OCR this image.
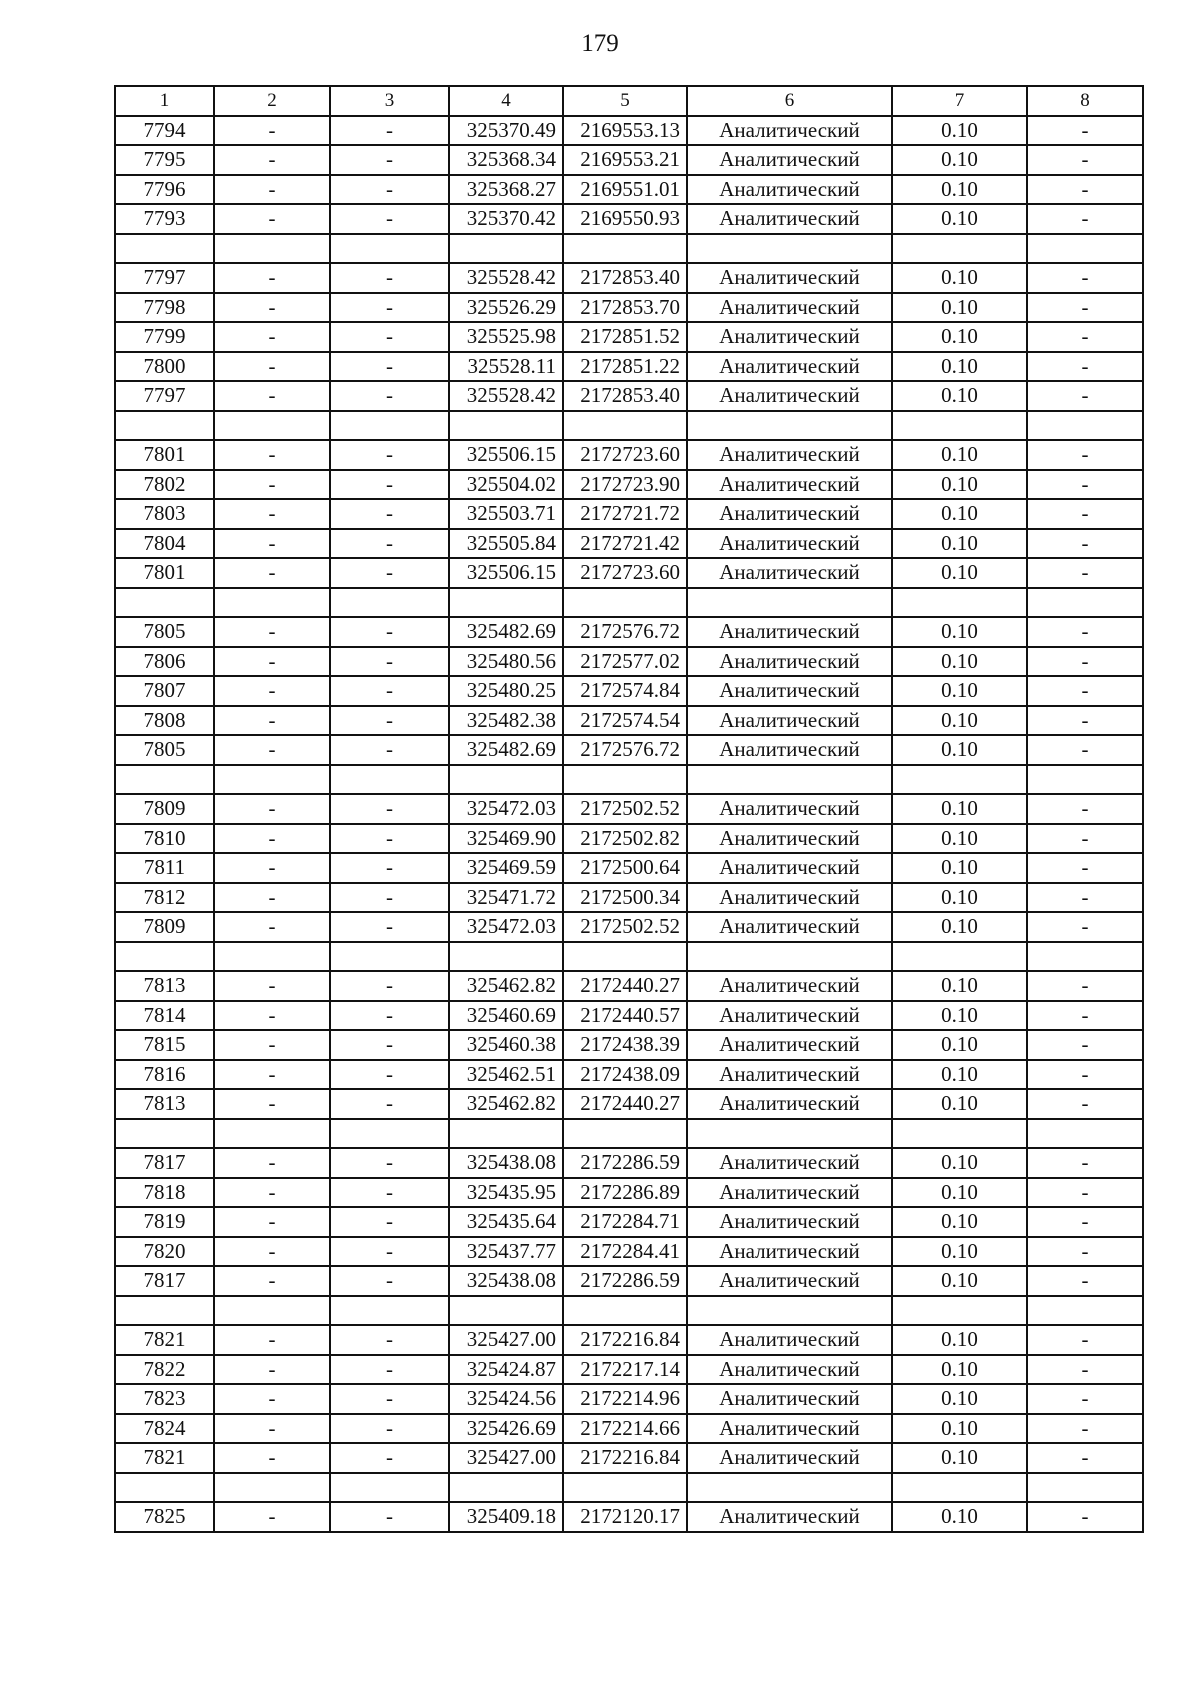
179
1	2	3	4	5	6	7	8
7794	-	-	325370.49	2169553.13	Аналитический	0.10	-
7795	-	-	325368.34	2169553.21	Аналитический	0.10	-
7796	-	-	325368.27	2169551.01	Аналитический	0.10	-
7793	-	-	325370.42	2169550.93	Аналитический	0.10	-

7797	-	-	325528.42	2172853.40	Аналитический	0.10	-
7798	-	-	325526.29	2172853.70	Аналитический	0.10	-
7799	-	-	325525.98	2172851.52	Аналитический	0.10	-
7800	-	-	325528.11	2172851.22	Аналитический	0.10	-
7797	-	-	325528.42	2172853.40	Аналитический	0.10	-

7801	-	-	325506.15	2172723.60	Аналитический	0.10	-
7802	-	-	325504.02	2172723.90	Аналитический	0.10	-
7803	-	-	325503.71	2172721.72	Аналитический	0.10	-
7804	-	-	325505.84	2172721.42	Аналитический	0.10	-
7801	-	-	325506.15	2172723.60	Аналитический	0.10	-

7805	-	-	325482.69	2172576.72	Аналитический	0.10	-
7806	-	-	325480.56	2172577.02	Аналитический	0.10	-
7807	-	-	325480.25	2172574.84	Аналитический	0.10	-
7808	-	-	325482.38	2172574.54	Аналитический	0.10	-
7805	-	-	325482.69	2172576.72	Аналитический	0.10	-

7809	-	-	325472.03	2172502.52	Аналитический	0.10	-
7810	-	-	325469.90	2172502.82	Аналитический	0.10	-
7811	-	-	325469.59	2172500.64	Аналитический	0.10	-
7812	-	-	325471.72	2172500.34	Аналитический	0.10	-
7809	-	-	325472.03	2172502.52	Аналитический	0.10	-

7813	-	-	325462.82	2172440.27	Аналитический	0.10	-
7814	-	-	325460.69	2172440.57	Аналитический	0.10	-
7815	-	-	325460.38	2172438.39	Аналитический	0.10	-
7816	-	-	325462.51	2172438.09	Аналитический	0.10	-
7813	-	-	325462.82	2172440.27	Аналитический	0.10	-

7817	-	-	325438.08	2172286.59	Аналитический	0.10	-
7818	-	-	325435.95	2172286.89	Аналитический	0.10	-
7819	-	-	325435.64	2172284.71	Аналитический	0.10	-
7820	-	-	325437.77	2172284.41	Аналитический	0.10	-
7817	-	-	325438.08	2172286.59	Аналитический	0.10	-

7821	-	-	325427.00	2172216.84	Аналитический	0.10	-
7822	-	-	325424.87	2172217.14	Аналитический	0.10	-
7823	-	-	325424.56	2172214.96	Аналитический	0.10	-
7824	-	-	325426.69	2172214.66	Аналитический	0.10	-
7821	-	-	325427.00	2172216.84	Аналитический	0.10	-

7825	-	-	325409.18	2172120.17	Аналитический	0.10	-
